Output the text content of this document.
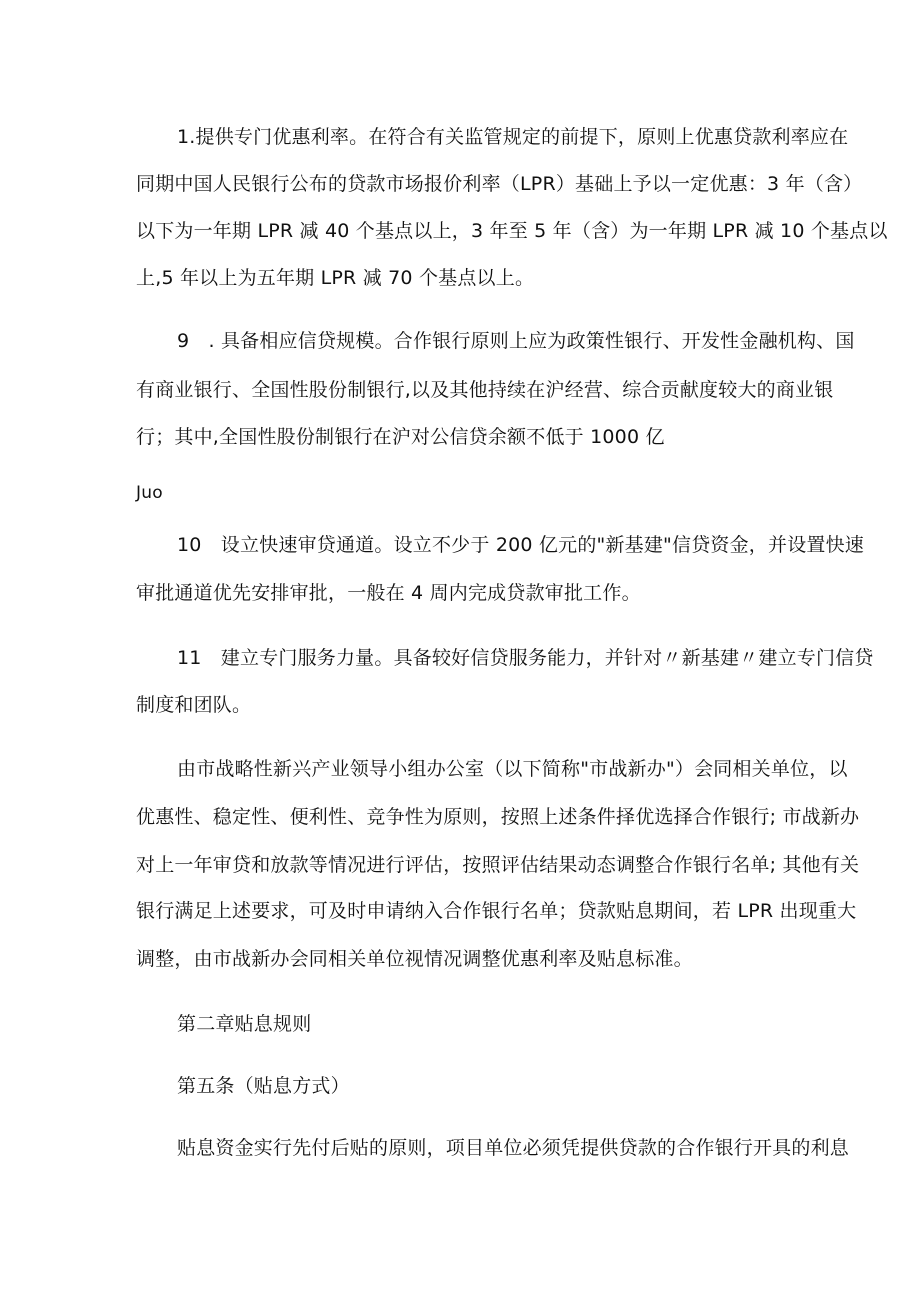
1.提供专门优惠利率。在符合有关监管规定的前提下，原则上优惠贷款利率应在
同期中国人民银行公布的贷款市场报价利率（LPR）基础上予以一定优惠：3 年（含）
以下为一年期 LPR 减 40 个基点以上，3 年至 5 年（含）为一年期 LPR 减 10 个基点以
上,5 年以上为五年期 LPR 减 70 个基点以上。
9　. 具备相应信贷规模。合作银行原则上应为政策性银行、开发性金融机构、国
有商业银行、全国性股份制银行,以及其他持续在沪经营、综合贡献度较大的商业银
行；其中,全国性股份制银行在沪对公信贷余额不低于 1000 亿
Juo
10　设立快速审贷通道。设立不少于 200 亿元的"新基建"信贷资金，并设置快速
审批通道优先安排审批，一般在 4 周内完成贷款审批工作。
11　建立专门服务力量。具备较好信贷服务能力，并针对〃新基建〃建立专门信贷
制度和团队。
由市战略性新兴产业领导小组办公室（以下简称"市战新办"）会同相关单位，以
优惠性、稳定性、便利性、竞争性为原则，按照上述条件择优选择合作银行; 市战新办
对上一年审贷和放款等情况进行评估，按照评估结果动态调整合作银行名单; 其他有关
银行满足上述要求，可及时申请纳入合作银行名单；贷款贴息期间，若 LPR 出现重大
调整，由市战新办会同相关单位视情况调整优惠利率及贴息标准。
第二章贴息规则
第五条（贴息方式）
贴息资金实行先付后贴的原则，项目单位必须凭提供贷款的合作银行开具的利息
